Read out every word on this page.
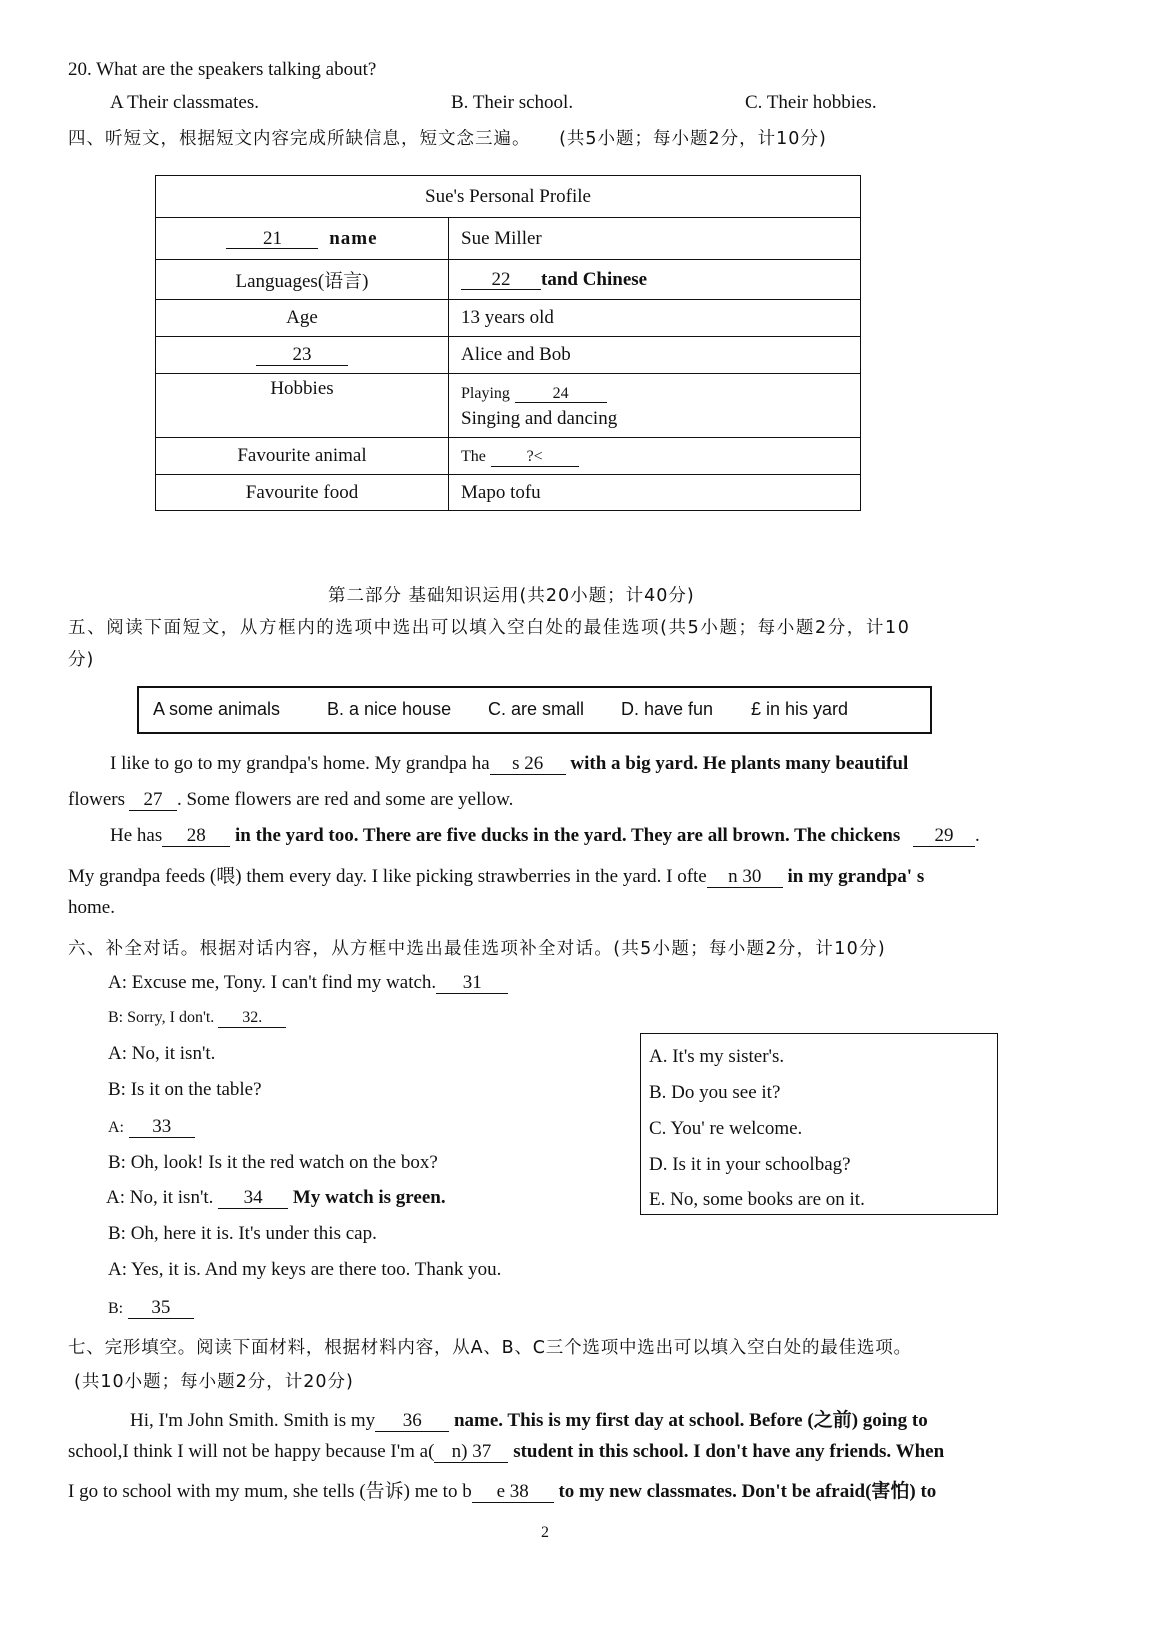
20. What are the speakers talking about?
A Their classmates.	B. Their school.	C. Their hobbies.
四、听短文，根据短文内容完成所缺信息，短文念三遍。 (共5小题；每小题2分，计10分)
Sue's Personal Profile	
21 name	Sue Miller
Languages(语言)	22 tand Chinese
Age	13 years old
23	Alice and Bob
Hobbies	Playing 24
Singing and dancing

Favourite animal	The ?<
Favourite food	Mapo tofu
第二部分 基础知识运用(共20小题；计40分)
五、阅读下面短文，从方框内的选项中选出可以填入空白处的最佳选项(共5小题；每小题2分，计10
分)
A some animals	B. a nice house C. are small D. have fun £ in his yard
I like to go to my grandpa's home. My grandpa ha s 26 with a big yard. He plants many beautiful
flowers 27 . Some flowers are red and some are yellow.
He has 28 in the yard too. There are five ducks in the yard. They are all brown. The chickens 29 .
My grandpa feeds (喂) them every day. I like picking strawberries in the yard. I ofte n 30 in my grandpa' s
home.
六、补全对话。根据对话内容，从方框中选出最佳选项补全对话。(共5小题；每小题2分，计10分)
A: Excuse me, Tony. I can't find my watch. 31
B: Sorry, I don't. 32.
A: No, it isn't.
B: Is it on the table?
A: 33
B: Oh, look! Is it the red watch on the box?
A: No, it isn't. 34 My watch is green.
B: Oh, here it is. It's under this cap.
A: Yes, it is. And my keys are there too. Thank you.
B: 35
A. It's my sister's.
B. Do you see it?
C. You' re welcome.
D. Is it in your schoolbag?
E. No, some books are on it.
七、完形填空。阅读下面材料，根据材料内容，从A、B、C三个选项中选出可以填入空白处的最佳选项。
(共10小题；每小题2分，计20分)
Hi, I'm John Smith. Smith is my 36 name. This is my first day at school. Before (之前) going to
school,I think I will not be happy because I'm a( n) 37 student in this school. I don't have any friends. When
I go to school with my mum, she tells (告诉) me to b e 38 to my new classmates. Don't be afraid(害怕) to
2
